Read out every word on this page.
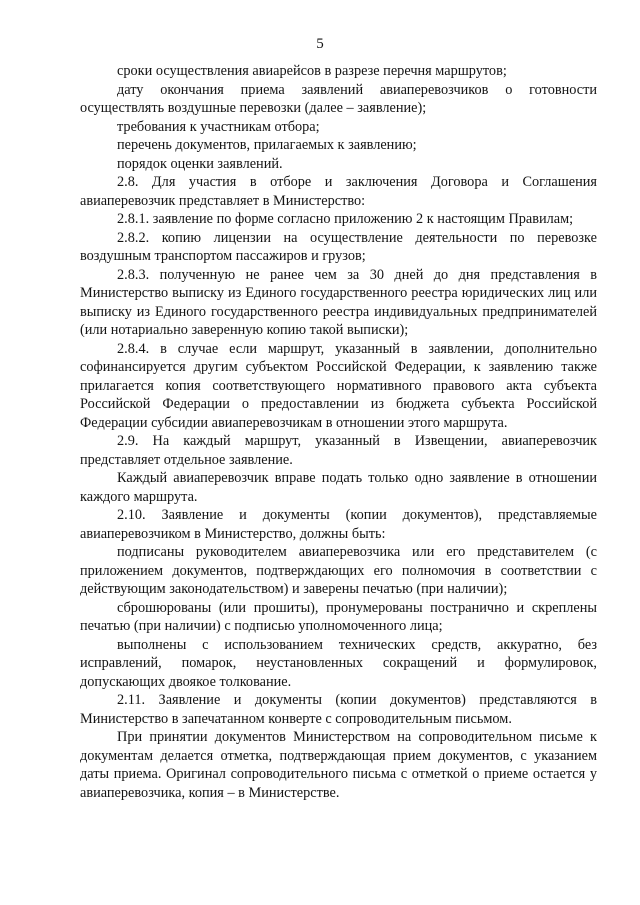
5

сроки осуществления авиарейсов в разрезе перечня маршрутов;

дату окончания приема заявлений авиаперевозчиков о готовности осуществлять воздушные перевозки (далее – заявление);

требования к участникам отбора;

перечень документов, прилагаемых к заявлению;

порядок оценки заявлений.

2.8. Для участия в отборе и заключения Договора и Соглашения авиаперевозчик представляет в Министерство:

2.8.1. заявление по форме согласно приложению 2 к настоящим Правилам;

2.8.2. копию лицензии на осуществление деятельности по перевозке воздушным транспортом пассажиров и грузов;

2.8.3. полученную не ранее чем за 30 дней до дня представления в Министерство выписку из Единого государственного реестра юридических лиц или выписку из Единого государственного реестра индивидуальных предпринимателей (или нотариально заверенную копию такой выписки);

2.8.4. в случае если маршрут, указанный в заявлении, дополнительно софинансируется другим субъектом Российской Федерации, к заявлению также прилагается копия соответствующего нормативного правового акта субъекта Российской Федерации о предоставлении из бюджета субъекта Российской Федерации субсидии авиаперевозчикам в отношении этого маршрута.

2.9. На каждый маршрут, указанный в Извещении, авиаперевозчик представляет отдельное заявление.

Каждый авиаперевозчик вправе подать только одно заявление в отношении каждого маршрута.

2.10. Заявление и документы (копии документов), представляемые авиаперевозчиком в Министерство, должны быть:

подписаны руководителем авиаперевозчика или его представителем (с приложением документов, подтверждающих его полномочия в соответствии с действующим законодательством) и заверены печатью (при наличии);

сброшюрованы (или прошиты), пронумерованы постранично и скреплены печатью (при наличии) с подписью уполномоченного лица;

выполнены с использованием технических средств, аккуратно, без исправлений, помарок, неустановленных сокращений и формулировок, допускающих двоякое толкование.

2.11. Заявление и документы (копии документов) представляются в Министерство в запечатанном конверте с сопроводительным письмом.

При принятии документов Министерством на сопроводительном письме к документам делается отметка, подтверждающая прием документов, с указанием даты приема. Оригинал сопроводительного письма с отметкой о приеме остается у авиаперевозчика, копия – в Министерстве.
